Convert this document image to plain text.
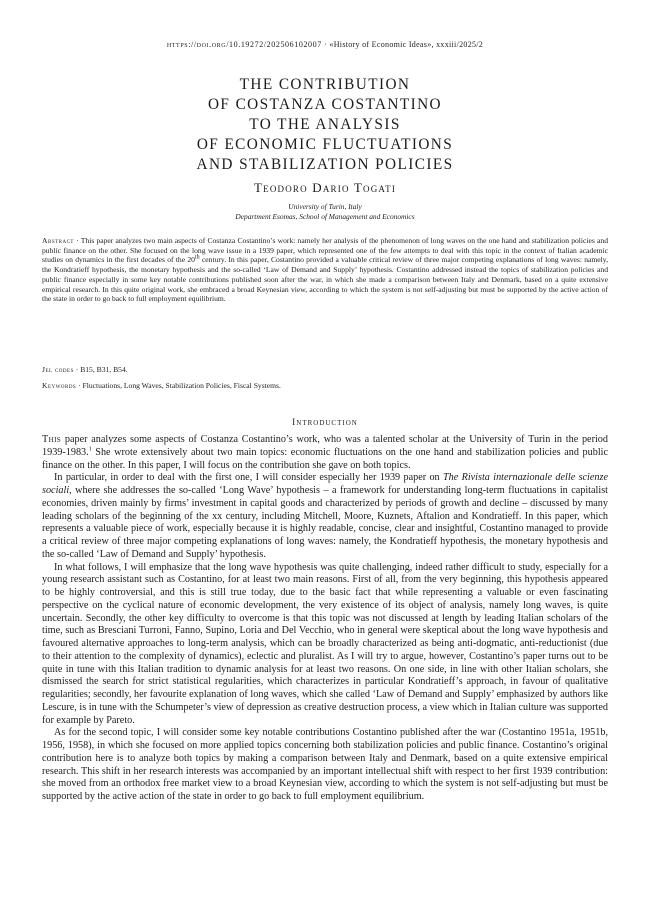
https://doi.org/10.19272/202506102007 · «History of Economic Ideas», xxxiii/2025/2
THE CONTRIBUTION
OF COSTANZA COSTANTINO
TO THE ANALYSIS
OF ECONOMIC FLUCTUATIONS
AND STABILIZATION POLICIES
Teodoro Dario Togati
University of Turin, Italy
Department Esomas, School of Management and Economics

Abstract · This paper analyzes two main aspects of Costanza Costantino’s work: namely her analysis of the phenomenon of long waves on the one hand and stabilization policies and public finance on the other. She focused on the long wave issue in a 1939 paper, which represented one of the few attempts to deal with this topic in the context of Italian academic studies on dynamics in the first decades of the 20th century. In this paper, Costantino provided a valuable critical review of three major competing explanations of long waves: namely, the Kondratieff hypothesis, the monetary hypothesis and the so-called ‘Law of Demand and Supply’ hypothesis. Costantino addressed instead the topics of stabilization policies and public finance especially in some key notable contributions published soon after the war, in which she made a comparison between Italy and Denmark, based on a quite extensive empirical research. In this quite original work, she embraced a broad Keynesian view, according to which the system is not self-adjusting but must be supported by the active action of the state in order to go back to full employment equilibrium.

Jel codes · B15, B31, B54.

Keywords · Fluctuations, Long Waves, Stabilization Policies, Fiscal Systems.

Introduction

This paper analyzes some aspects of Costanza Costantino’s work, who was a talented scholar at the University of Turin in the period 1939-1983.$^1$ She wrote extensively about two main topics: economic fluctuations on the one hand and stabilization policies and public finance on the other. In this paper, I will focus on the contribution she gave on both topics.

In particular, in order to deal with the first one, I will consider especially her 1939 paper on The Rivista internazionale delle scienze sociali, where she addresses the so-called ‘Long Wave’ hypothesis – a framework for understanding long-term fluctuations in capitalist economies, driven mainly by firms’ investment in capital goods and characterized by periods of growth and decline – discussed by many leading scholars of the beginning of the xx century, including Mitchell, Moore, Kuznets, Aftalion and Kondratieff. In this paper, which represents a valuable piece of work, especially because it is highly readable, concise, clear and insightful, Costantino managed to provide a critical review of three major competing explanations of long waves: namely, the Kondratieff hypothesis, the monetary hypothesis and the so-called ‘Law of Demand and Supply’ hypothesis.

In what follows, I will emphasize that the long wave hypothesis was quite challenging, indeed rather difficult to study, especially for a young research assistant such as Costantino, for at least two main reasons. First of all, from the very beginning, this hypothesis appeared to be highly controversial, and this is still true today, due to the basic fact that while representing a valuable or even fascinating perspective on the cyclical nature of economic development, the very existence of its object of analysis, namely long waves, is quite uncertain. Secondly, the other key difficulty to overcome is that this topic was not discussed at length by leading Italian scholars of the time, such as Bresciani Turroni, Fanno, Supino, Loria and Del Vecchio, who in general were skeptical about the long wave hypothesis and favoured alternative approaches to long-term analysis, which can be broadly characterized as being anti-dogmatic, anti-reductionist (due to their attention to the complexity of dynamics), eclectic and pluralist. As I will try to argue, however, Costantino’s paper turns out to be quite in tune with this Italian tradition to dynamic analysis for at least two reasons. On one side, in line with other Italian scholars, she dismissed the search for strict statistical regularities, which characterizes in particular Kondratieff’s approach, in favour of qualitative regularities; secondly, her favourite explanation of long waves, which she called ‘Law of Demand and Supply’ emphasized by authors like Lescure, is in tune with the Schumpeter’s view of depression as creative destruction process, a view which in Italian culture was supported for example by Pareto.

As for the second topic, I will consider some key notable contributions Costantino published after the war (Costantino 1951a, 1951b, 1956, 1958), in which she focused on more applied topics concerning both stabilization policies and public finance. Costantino’s original contribution here is to analyze both topics by making a comparison between Italy and Denmark, based on a quite extensive empirical research. This shift in her research interests was accompanied by an important intellectual shift with respect to her first 1939 contribution: she moved from an orthodox free market view to a broad Keynesian view, according to which the system is not self-adjusting but must be supported by the active action of the state in order to go back to full employment equilibrium.
